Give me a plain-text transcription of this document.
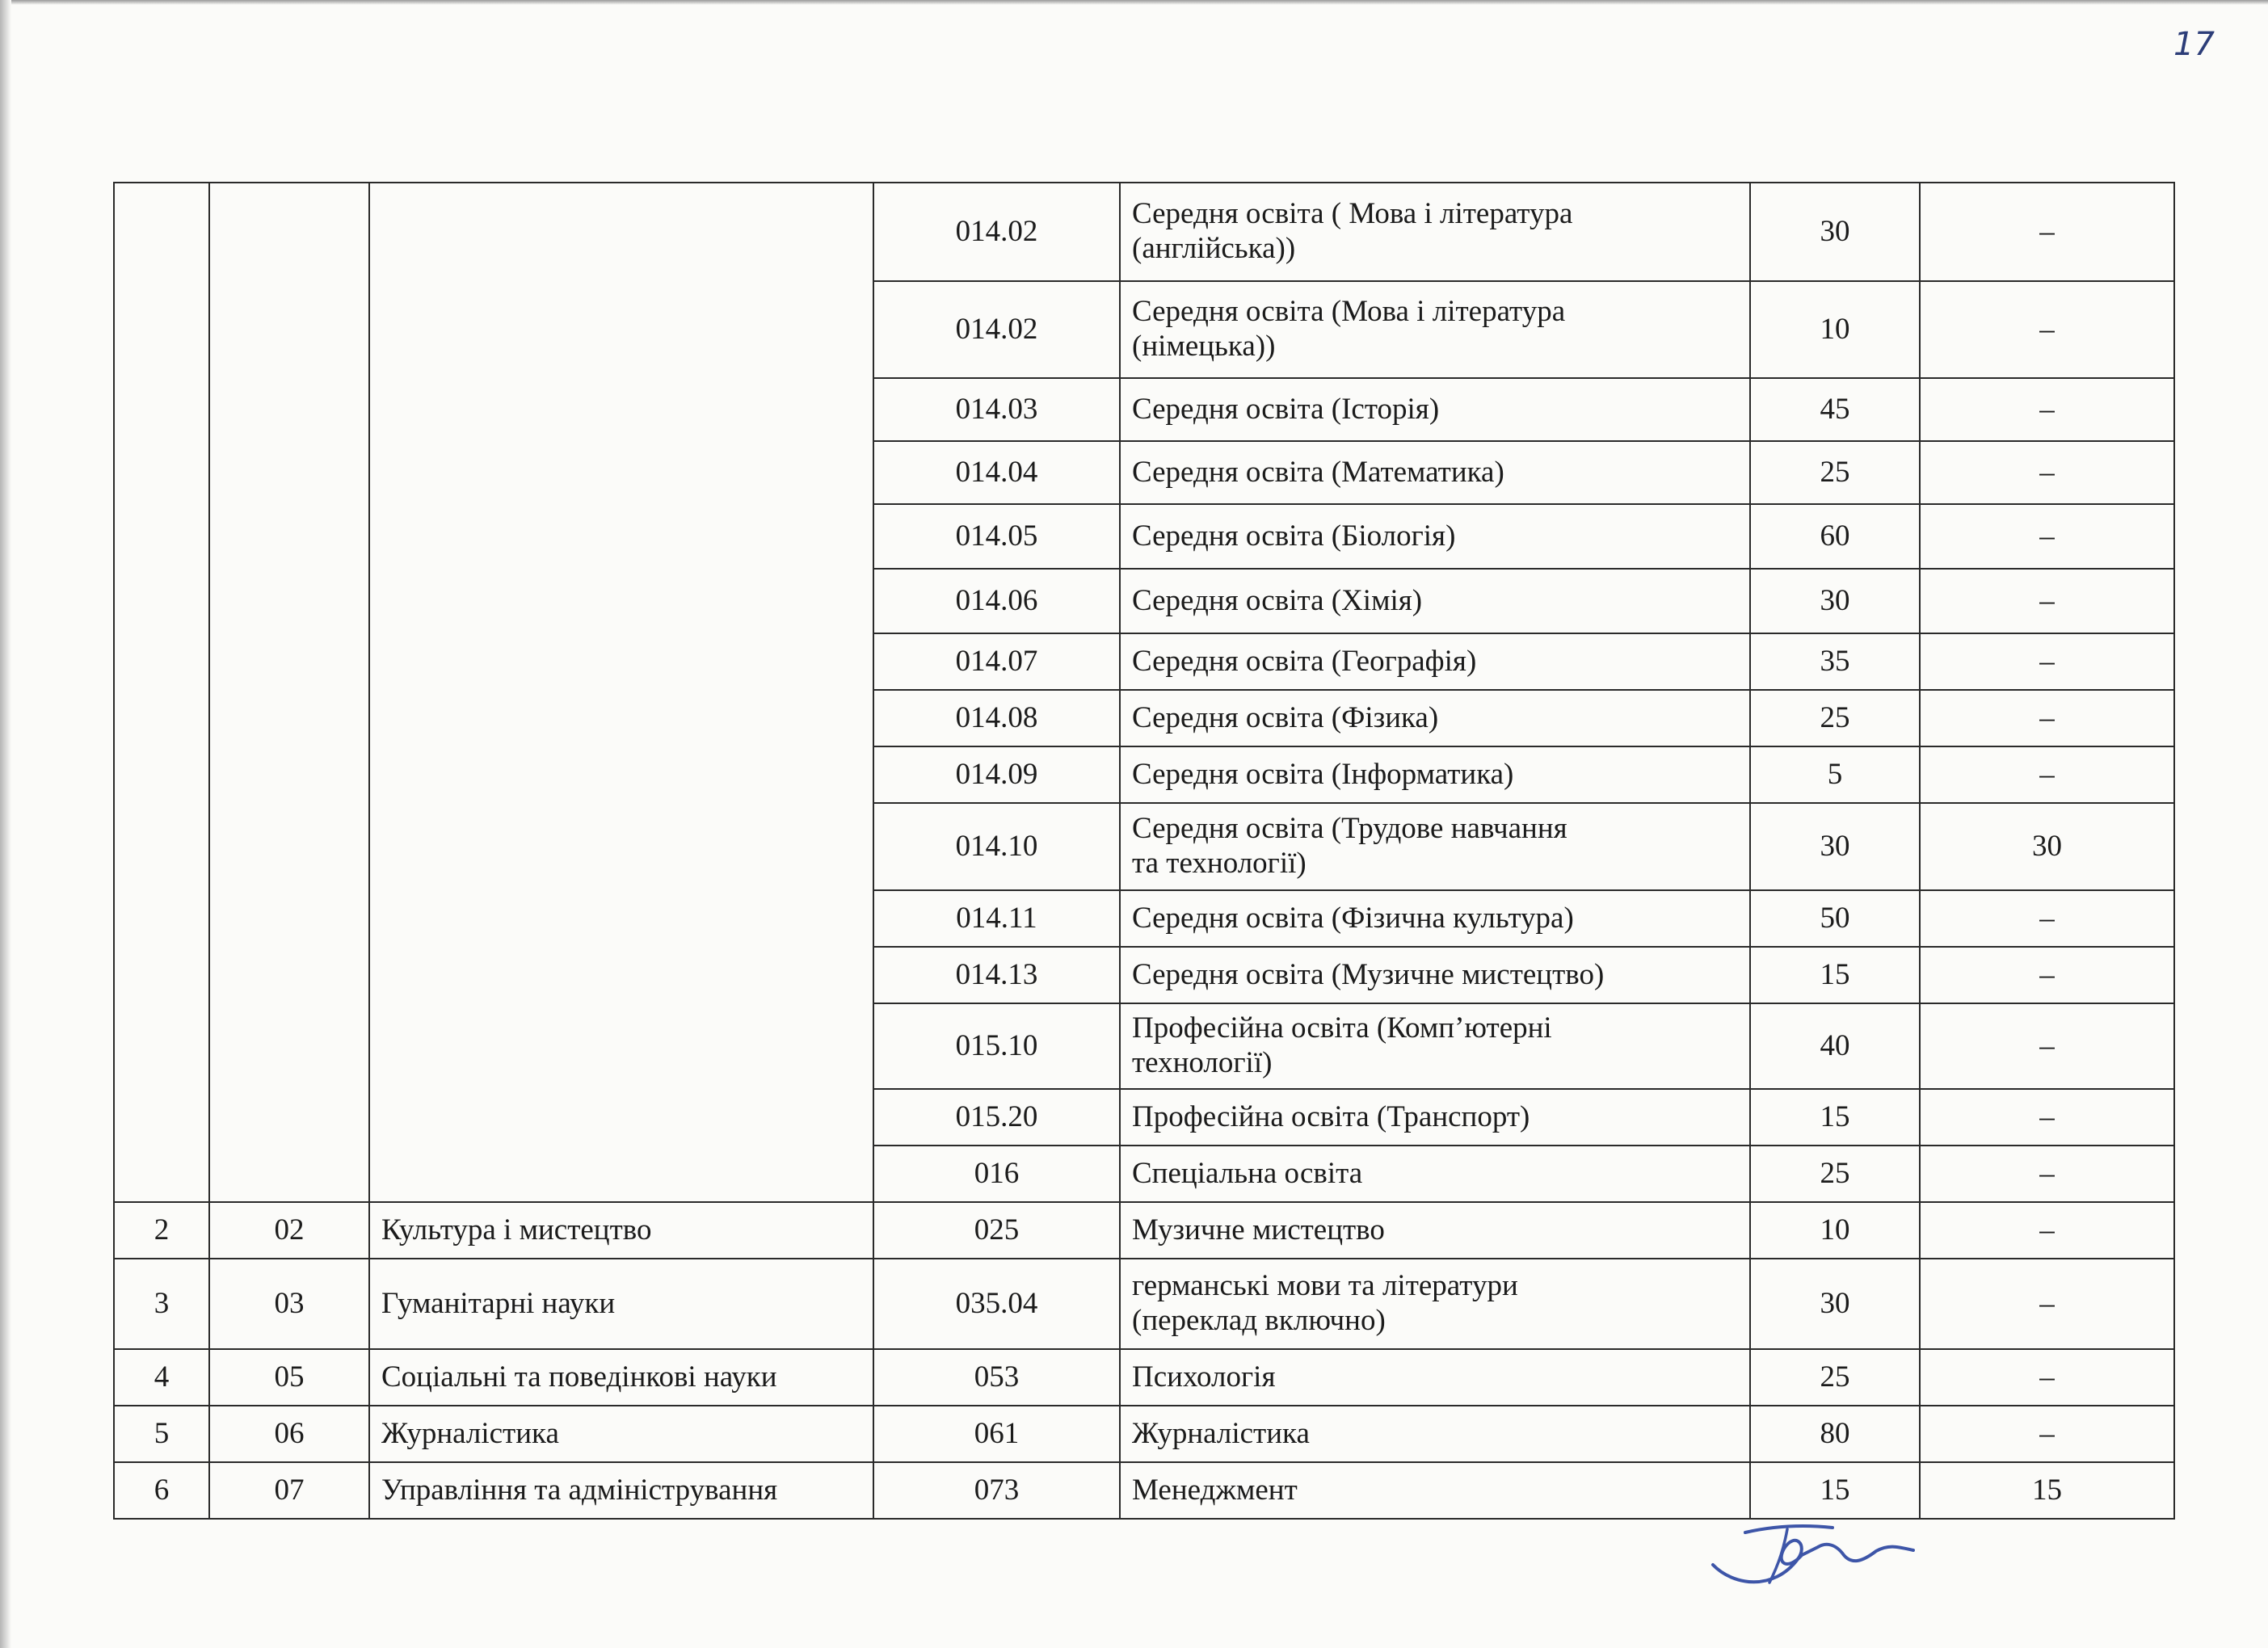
17
			014.02	Середня освіта ( Мова і література
(англійська))	30	–
			014.02	Середня освіта (Мова і література
(німецька))	10	–
			014.03	Середня освіта (Історія)	45	–
			014.04	Середня освіта (Математика)	25	–
			014.05	Середня освіта (Біологія)	60	–
			014.06	Середня освіта (Хімія)	30	–
			014.07	Середня освіта (Географія)	35	–
			014.08	Середня освіта (Фізика)	25	–
			014.09	Середня освіта (Інформатика)	5	–
			014.10	Середня освіта (Трудове навчання
та технології)	30	30
			014.11	Середня освіта (Фізична культура)	50	–
			014.13	Середня освіта (Музичне мистецтво)	15	–
			015.10	Професійна освіта (Комп’ютерні
технології)	40	–
			015.20	Професійна освіта (Транспорт)	15	–
			016	Спеціальна освіта	25	–
2	02	Культура і мистецтво	025	Музичне мистецтво	10	–
3	03	Гуманітарні науки	035.04	германські мови та літератури
(переклад включно)	30	–
4	05	Соціальні та поведінкові науки	053	Психологія	25	–
5	06	Журналістика	061	Журналістика	80	–
6	07	Управління та адміністрування	073	Менеджмент	15	15
